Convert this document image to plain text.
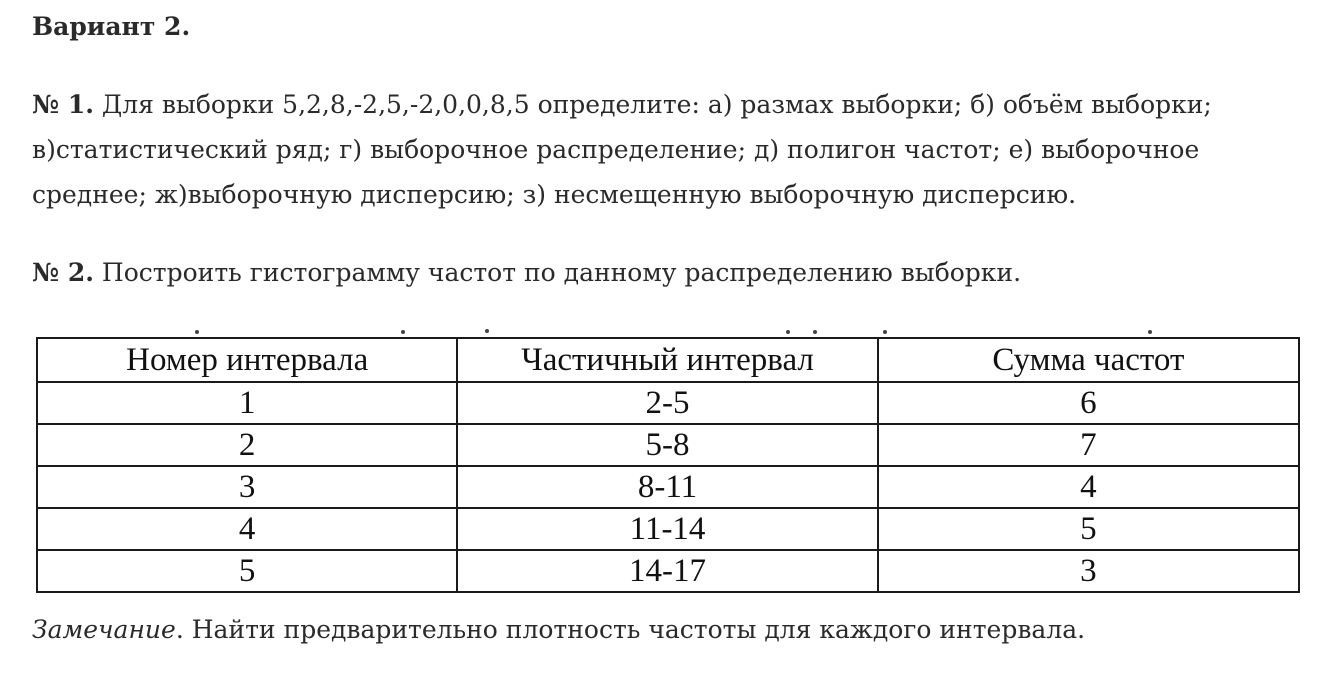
Вариант 2.

№ 1. Для выборки 5,2,8,-2,5,-2,0,0,8,5 определите: а) размах выборки; б) объём выборки; в)статистический ряд; г) выборочное распределение; д) полигон частот; е) выборочное среднее; ж)выборочную дисперсию; з) несмещенную выборочную дисперсию.

№ 2. Построить гистограмму частот по данному распределению выборки.

Замечание. Найти предварительно плотность частоты для каждого интервала.

Номер интервала	Частичный интервал	Сумма частот
1	2-5	6
2	5-8	7
3	8-11	4
4	11-14	5
5	14-17	3
